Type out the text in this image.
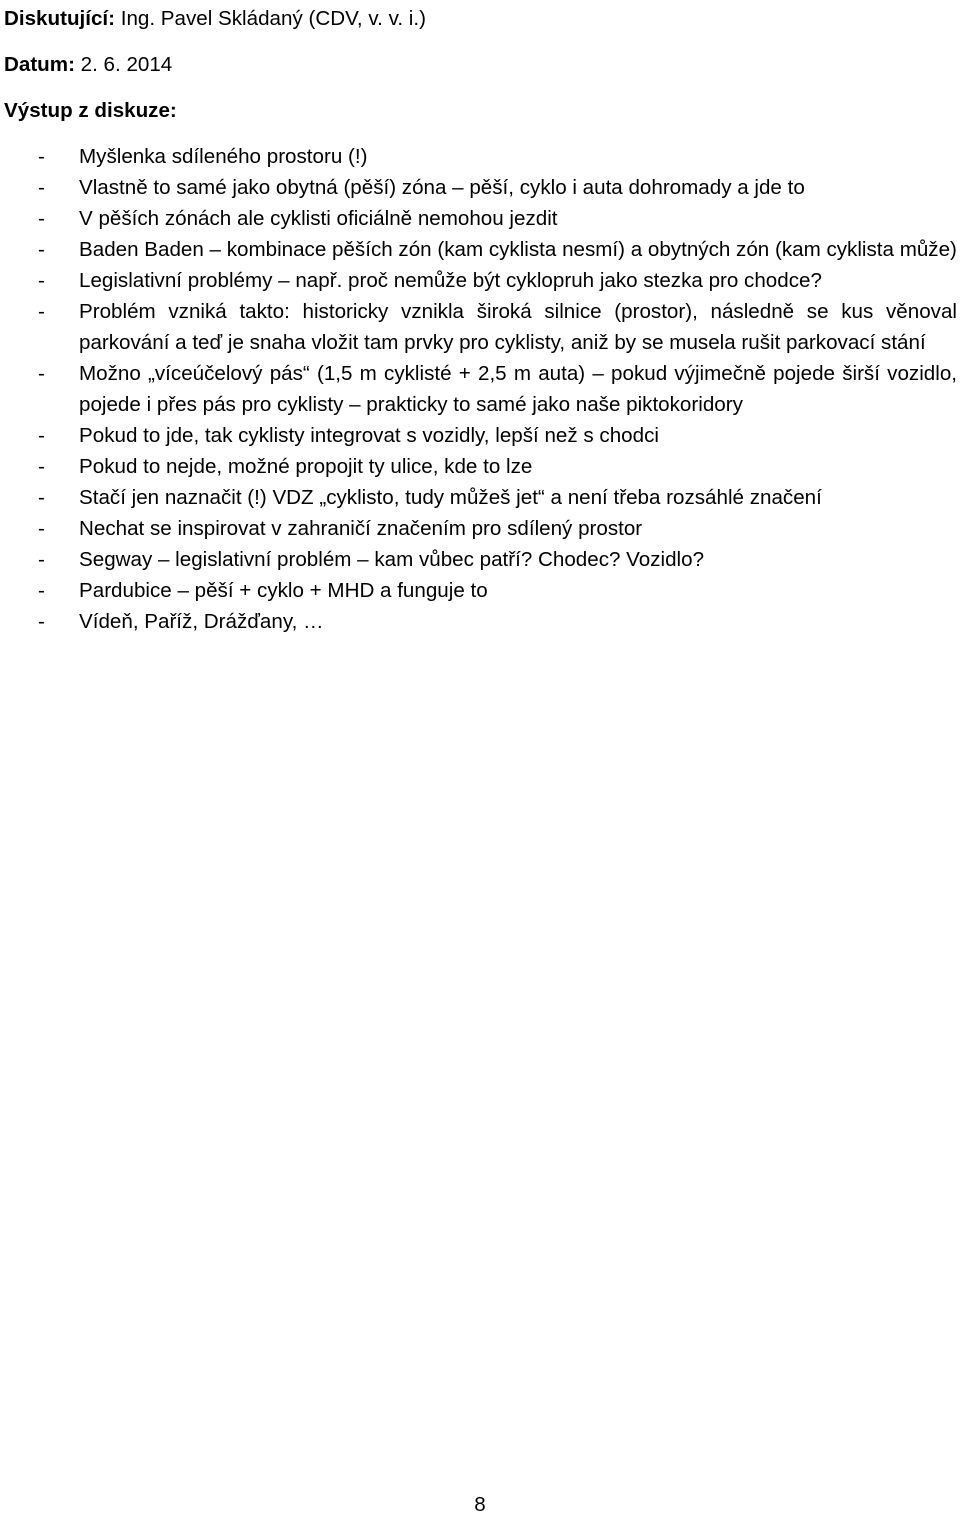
Diskutující: Ing. Pavel Skládaný (CDV, v. v. i.)

Datum: 2. 6. 2014

Výstup z diskuze:

- Myšlenka sdíleného prostoru (!)
- Vlastně to samé jako obytná (pěší) zóna – pěší, cyklo i auta dohromady a jde to
- V pěších zónách ale cyklisti oficiálně nemohou jezdit
- Baden Baden – kombinace pěších zón (kam cyklista nesmí) a obytných zón (kam cyklista může)
- Legislativní problémy – např. proč nemůže být cyklopruh jako stezka pro chodce?
- Problém vzniká takto: historicky vznikla široká silnice (prostor), následně se kus věnoval parkování a teď je snaha vložit tam prvky pro cyklisty, aniž by se musela rušit parkovací stání
- Možno „víceúčelový pás“ (1,5 m cyklisté + 2,5 m auta) – pokud výjimečně pojede širší vozidlo, pojede i přes pás pro cyklisty – prakticky to samé jako naše piktokoridory
- Pokud to jde, tak cyklisty integrovat s vozidly, lepší než s chodci
- Pokud to nejde, možné propojit ty ulice, kde to lze
- Stačí jen naznačit (!) VDZ „cyklisto, tudy můžeš jet“ a není třeba rozsáhlé značení
- Nechat se inspirovat v zahraničí značením pro sdílený prostor
- Segway – legislativní problém – kam vůbec patří? Chodec? Vozidlo?
- Pardubice – pěší + cyklo + MHD a funguje to
- Vídeň, Paříž, Drážďany, …
8
